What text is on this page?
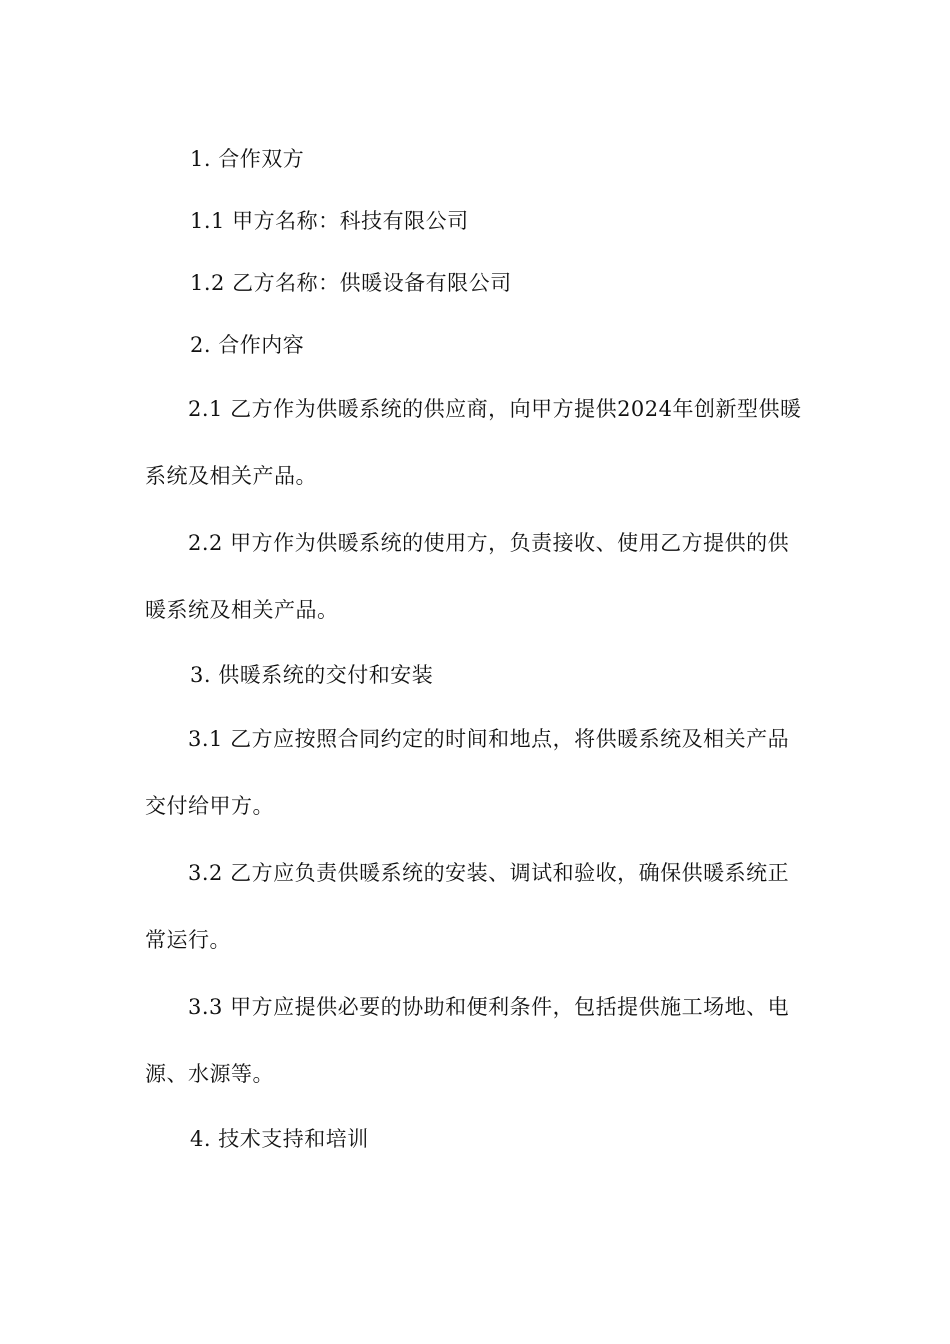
1. 合作双方

1.1 甲方名称：科技有限公司

1.2 乙方名称：供暖设备有限公司

2. 合作内容

2.1 乙方作为供暖系统的供应商，向甲方提供2024年创新型供暖系统及相关产品。

2.2 甲方作为供暖系统的使用方，负责接收、使用乙方提供的供暖系统及相关产品。

3. 供暖系统的交付和安装

3.1 乙方应按照合同约定的时间和地点，将供暖系统及相关产品交付给甲方。

3.2 乙方应负责供暖系统的安装、调试和验收，确保供暖系统正常运行。

3.3 甲方应提供必要的协助和便利条件，包括提供施工场地、电源、水源等。

4. 技术支持和培训
